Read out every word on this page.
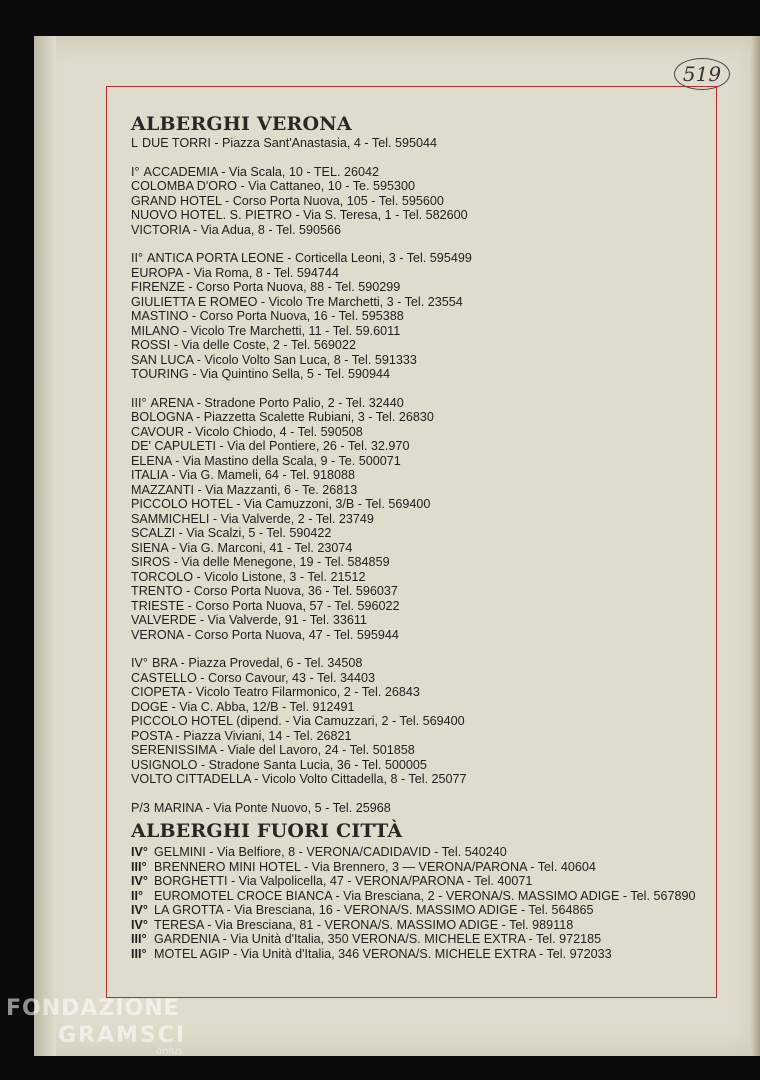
519
ALBERGHI VERONA
L DUE TORRI - Piazza Sant'Anastasia, 4 - Tel. 595044
I° ACCADEMIA - Via Scala, 10 - TEL. 26042
COLOMBA D'ORO - Via Cattaneo, 10 - Te. 595300
GRAND HOTEL - Corso Porta Nuova, 105 - Tel. 595600
NUOVO HOTEL. S. PIETRO - Via S. Teresa, 1 - Tel. 582600
VICTORIA - Via Adua, 8 - Tel. 590566
II° ANTICA PORTA LEONE - Corticella Leoni, 3 - Tel. 595499
EUROPA - Via Roma, 8 - Tel. 594744
FIRENZE - Corso Porta Nuova, 88 - Tel. 590299
GIULIETTA E ROMEO - Vicolo Tre Marchetti, 3 - Tel. 23554
MASTINO - Corso Porta Nuova, 16 - Tel. 595388
MILANO - Vicolo Tre Marchetti, 11 - Tel. 59.6011
ROSSI - Via delle Coste, 2 - Tel. 569022
SAN LUCA - Vicolo Volto San Luca, 8 - Tel. 591333
TOURING - Via Quintino Sella, 5 - Tel. 590944
III° ARENA - Stradone Porto Palio, 2 - Tel. 32440
BOLOGNA - Piazzetta Scalette Rubiani, 3 - Tel. 26830
CAVOUR - Vicolo Chiodo, 4 - Tel. 590508
DE' CAPULETI - Via del Pontiere, 26 - Tel. 32.970
ELENA - Via Mastino della Scala, 9 - Te. 500071
ITALIA - Via G. Mameli, 64 - Tel. 918088
MAZZANTI - Via Mazzanti, 6 - Te. 26813
PICCOLO HOTEL - Via Camuzzoni, 3/B - Tel. 569400
SAMMICHELI - Via Valverde, 2 - Tel. 23749
SCALZI - Via Scalzi, 5 - Tel. 590422
SIENA - Via G. Marconi, 41 - Tel. 23074
SIROS - Via delle Menegone, 19 - Tel. 584859
TORCOLO - Vicolo Listone, 3 - Tel. 21512
TRENTO - Corso Porta Nuova, 36 - Tel. 596037
TRIESTE - Corso Porta Nuova, 57 - Tel. 596022
VALVERDE - Via Valverde, 91 - Tel. 33611
VERONA - Corso Porta Nuova, 47 - Tel. 595944
IV° BRA - Piazza Provedal, 6 - Tel. 34508
CASTELLO - Corso Cavour, 43 - Tel. 34403
CIOPETA - Vicolo Teatro Filarmonico, 2 - Tel. 26843
DOGE - Via C. Abba, 12/B - Tel. 912491
PICCOLO HOTEL (dipend. - Via Camuzzari, 2 - Tel. 569400
POSTA - Piazza Viviani, 14 - Tel. 26821
SERENISSIMA - Viale del Lavoro, 24 - Tel. 501858
USIGNOLO - Stradone Santa Lucia, 36 - Tel. 500005
VOLTO CITTADELLA - Vicolo Volto Cittadella, 8 - Tel. 25077
P/3 MARINA - Via Ponte Nuovo, 5 - Tel. 25968
ALBERGHI FUORI CITTÀ
IV° GELMINI - Via Belfiore, 8 - VERONA/CADIDAVID - Tel. 540240
III° BRENNERO MINI HOTEL - Via Brennero, 3 — VERONA/PARONA - Tel. 40604
IV° BORGHETTI - Via Valpolicella, 47 - VERONA/PARONA - Tel. 40071
II° EUROMOTEL CROCE BIANCA - Via Bresciana, 2 - VERONA/S. MASSIMO ADIGE - Tel. 567890
IV° LA GROTTA - Via Bresciana, 16 - VERONA/S. MASSIMO ADIGE - Tel. 564865
IV° TERESA - Via Bresciana, 81 - VERONA/S. MASSIMO ADIGE - Tel. 989118
III° GARDENIA - Via Unità d'Italia, 350 VERONA/S. MICHELE EXTRA - Tel. 972185
III° MOTEL AGIP - Via Unità d'Italia, 346 VERONA/S. MICHELE EXTRA - Tel. 972033
FONDAZIONE
GRAMSCI
onlus
